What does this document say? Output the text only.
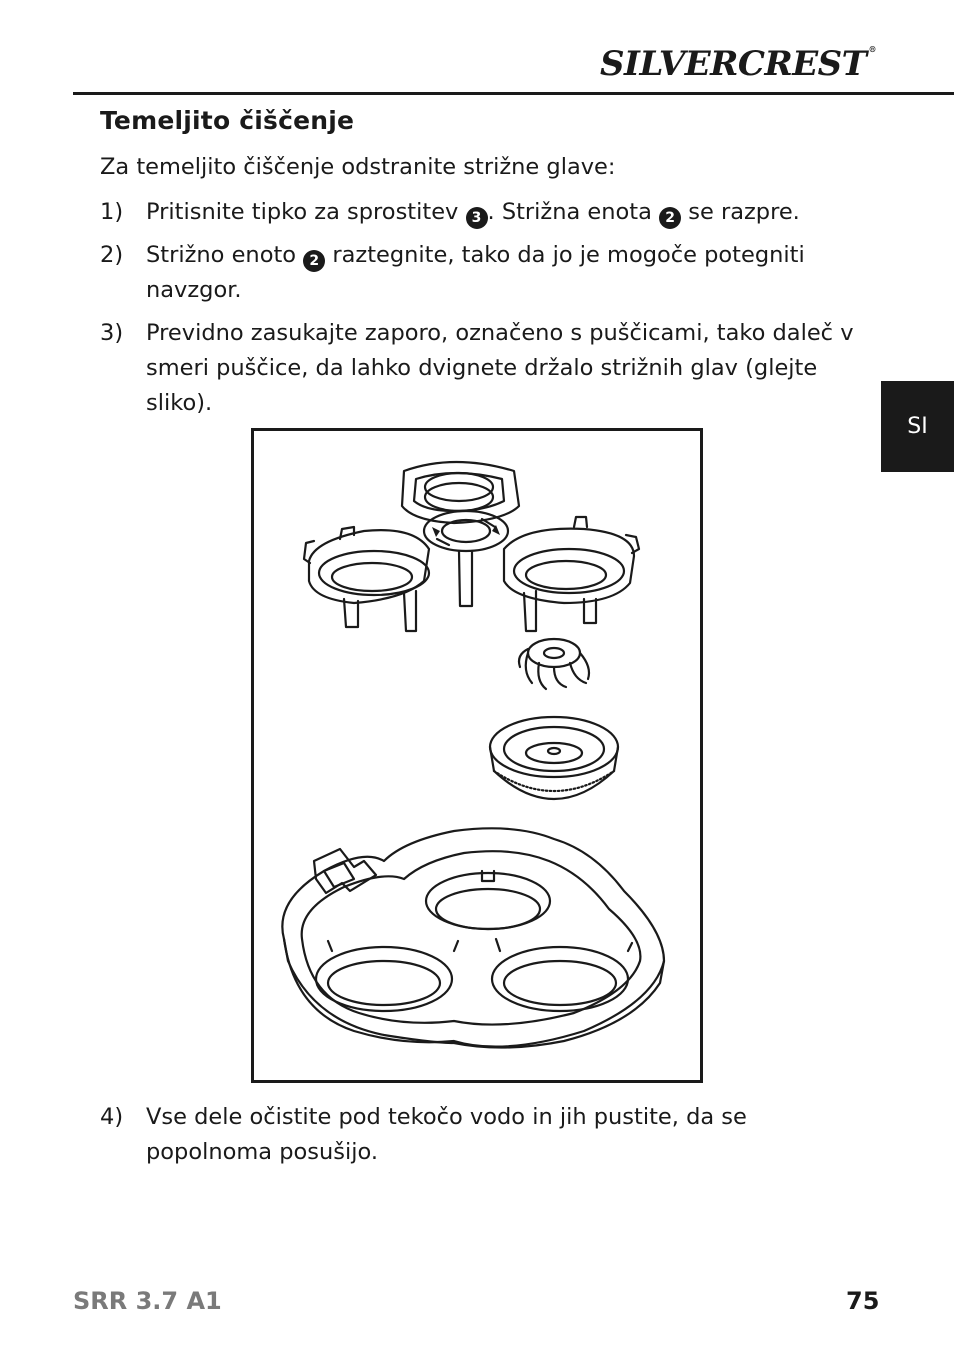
SILVERCREST ®
Temeljito čiščenje
Za temeljito čiščenje odstranite strižne glave:
1) Pritisnite tipko za sprostitev 3 . Strižna enota 2 se razpre.
2) Strižno enoto 2 raztegnite, tako da jo je mogoče potegniti navzgor.
3) Previdno zasukajte zaporo, označeno s puščicami, tako daleč v smeri puščice, da lahko dvignete držalo strižnih glav (glejte sliko).
SI
4) Vse dele očistite pod tekočo vodo in jih pustite, da se popolnoma posušijo.
SRR 3.7 A1	75
